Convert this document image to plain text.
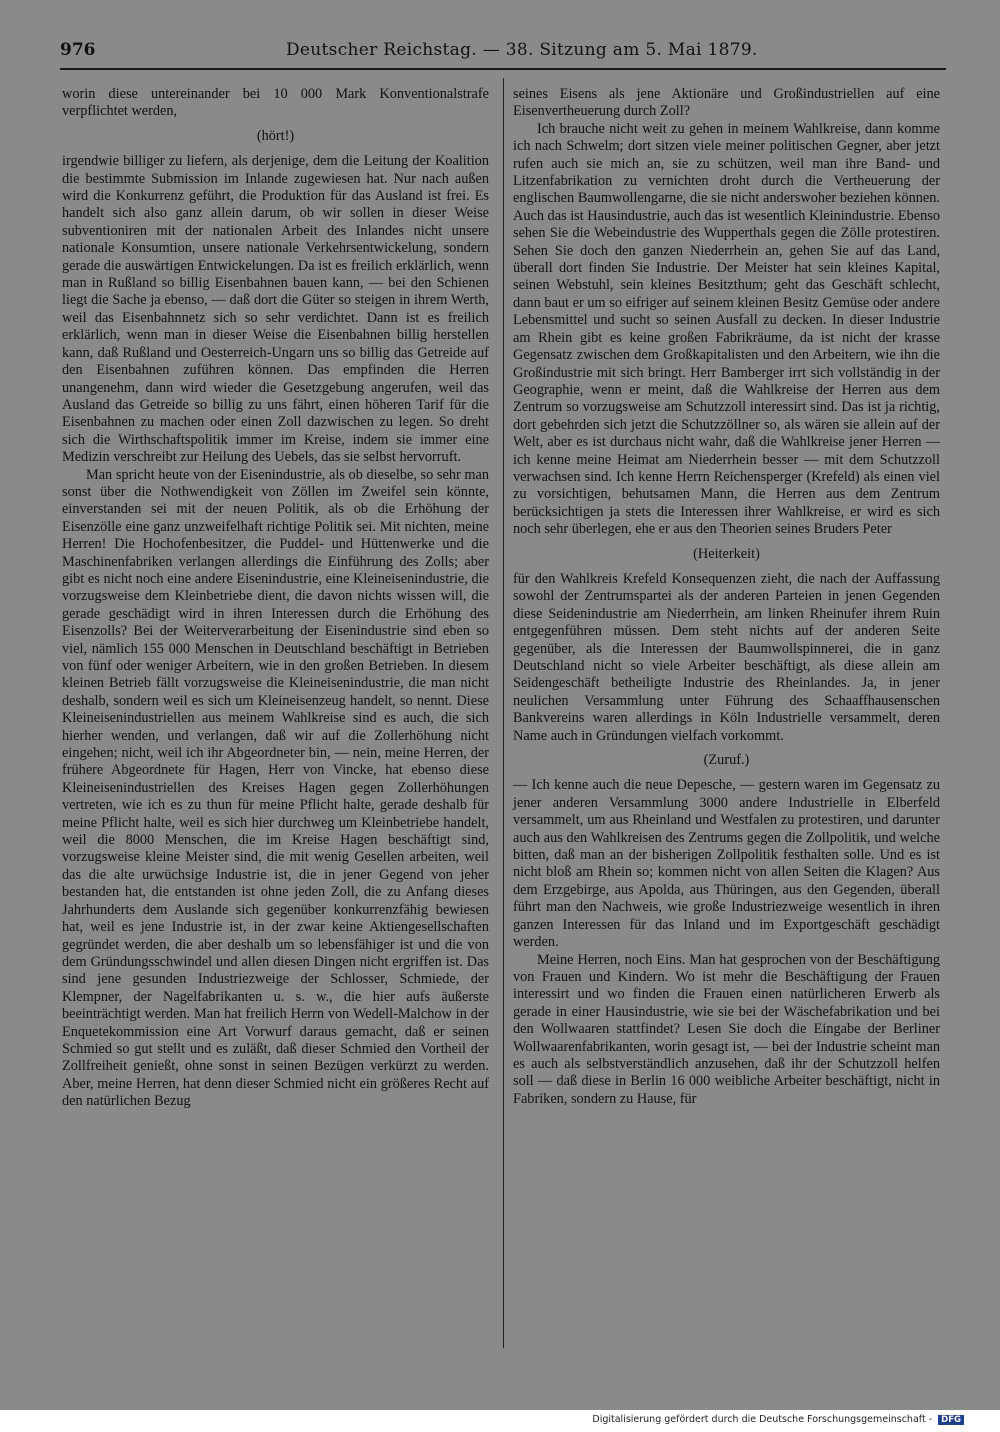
976	Deutscher Reichstag. — 38. Sitzung am 5. Mai 1879.

worin diese untereinander bei 10 000 Mark Konventionalstrafe verpflichtet werden,

(hört!)

irgendwie billiger zu liefern, als derjenige, dem die Leitung der Koalition die bestimmte Submission im Inlande zugewiesen hat. Nur nach außen wird die Konkurrenz geführt, die Produktion für das Ausland ist frei. Es handelt sich also ganz allein darum, ob wir sollen in dieser Weise subventioniren mit der nationalen Arbeit des Inlandes nicht unsere nationale Konsumtion, unsere nationale Verkehrsentwickelung, sondern gerade die auswärtigen Entwickelungen. Da ist es freilich erklärlich, wenn man in Rußland so billig Eisenbahnen bauen kann, — bei den Schienen liegt die Sache ja ebenso, — daß dort die Güter so steigen in ihrem Werth, weil das Eisenbahnnetz sich so sehr verdichtet. Dann ist es freilich erklärlich, wenn man in dieser Weise die Eisenbahnen billig herstellen kann, daß Rußland und Oesterreich-Ungarn uns so billig das Getreide auf den Eisenbahnen zuführen können. Das empfinden die Herren unangenehm, dann wird wieder die Gesetzgebung angerufen, weil das Ausland das Getreide so billig zu uns fährt, einen höheren Tarif für die Eisenbahnen zu machen oder einen Zoll dazwischen zu legen. So dreht sich die Wirthschaftspolitik immer im Kreise, indem sie immer eine Medizin verschreibt zur Heilung des Uebels, das sie selbst hervorruft.

Man spricht heute von der Eisenindustrie, als ob dieselbe, so sehr man sonst über die Nothwendigkeit von Zöllen im Zweifel sein könnte, einverstanden sei mit der neuen Politik, als ob die Erhöhung der Eisenzölle eine ganz unzweifelhaft richtige Politik sei. Mit nichten, meine Herren! Die Hochofenbesitzer, die Puddel- und Hüttenwerke und die Maschinenfabriken verlangen allerdings die Einführung des Zolls; aber gibt es nicht noch eine andere Eisenindustrie, eine Kleineisenindustrie, die vorzugsweise dem Kleinbetriebe dient, die davon nichts wissen will, die gerade geschädigt wird in ihren Interessen durch die Erhöhung des Eisenzolls? Bei der Weiterverarbeitung der Eisenindustrie sind eben so viel, nämlich 155 000 Menschen in Deutschland beschäftigt in Betrieben von fünf oder weniger Arbeitern, wie in den großen Betrieben. In diesem kleinen Betrieb fällt vorzugsweise die Kleineisenindustrie, die man nicht deshalb, sondern weil es sich um Kleineisenzeug handelt, so nennt. Diese Kleineisenindustriellen aus meinem Wahlkreise sind es auch, die sich hierher wenden, und verlangen, daß wir auf die Zollerhöhung nicht eingehen; nicht, weil ich ihr Abgeordneter bin, — nein, meine Herren, der frühere Abgeordnete für Hagen, Herr von Vincke, hat ebenso diese Kleineisenindustriellen des Kreises Hagen gegen Zollerhöhungen vertreten, wie ich es zu thun für meine Pflicht halte, gerade deshalb für meine Pflicht halte, weil es sich hier durchweg um Kleinbetriebe handelt, weil die 8000 Menschen, die im Kreise Hagen beschäftigt sind, vorzugsweise kleine Meister sind, die mit wenig Gesellen arbeiten, weil das die alte urwüchsige Industrie ist, die in jener Gegend von jeher bestanden hat, die entstanden ist ohne jeden Zoll, die zu Anfang dieses Jahrhunderts dem Auslande sich gegenüber konkurrenzfähig bewiesen hat, weil es jene Industrie ist, in der zwar keine Aktiengesellschaften gegründet werden, die aber deshalb um so lebensfähiger ist und die von dem Gründungsschwindel und allen diesen Dingen nicht ergriffen ist. Das sind jene gesunden Industriezweige der Schlosser, Schmiede, der Klempner, der Nagelfabrikanten u. s. w., die hier aufs äußerste beeinträchtigt werden. Man hat freilich Herrn von Wedell-Malchow in der Enquetekommission eine Art Vorwurf daraus gemacht, daß er seinen Schmied so gut stellt und es zuläßt, daß dieser Schmied den Vortheil der Zollfreiheit genießt, ohne sonst in seinen Bezügen verkürzt zu werden. Aber, meine Herren, hat denn dieser Schmied nicht ein größeres Recht auf den natürlichen Bezug

seines Eisens als jene Aktionäre und Großindustriellen auf eine Eisenvertheuerung durch Zoll?

Ich brauche nicht weit zu gehen in meinem Wahlkreise, dann komme ich nach Schwelm; dort sitzen viele meiner politischen Gegner, aber jetzt rufen auch sie mich an, sie zu schützen, weil man ihre Band- und Litzenfabrikation zu vernichten droht durch die Vertheuerung der englischen Baumwollengarne, die sie nicht anderswoher beziehen können. Auch das ist Hausindustrie, auch das ist wesentlich Kleinindustrie. Ebenso sehen Sie die Webeindustrie des Wupperthals gegen die Zölle protestiren. Sehen Sie doch den ganzen Niederrhein an, gehen Sie auf das Land, überall dort finden Sie Industrie. Der Meister hat sein kleines Kapital, seinen Webstuhl, sein kleines Besitzthum; geht das Geschäft schlecht, dann baut er um so eifriger auf seinem kleinen Besitz Gemüse oder andere Lebensmittel und sucht so seinen Ausfall zu decken. In dieser Industrie am Rhein gibt es keine großen Fabrikräume, da ist nicht der krasse Gegensatz zwischen dem Großkapitalisten und den Arbeitern, wie ihn die Großindustrie mit sich bringt. Herr Bamberger irrt sich vollständig in der Geographie, wenn er meint, daß die Wahlkreise der Herren aus dem Zentrum so vorzugsweise am Schutzzoll interessirt sind. Das ist ja richtig, dort gebehrden sich jetzt die Schutzzöllner so, als wären sie allein auf der Welt, aber es ist durchaus nicht wahr, daß die Wahlkreise jener Herren — ich kenne meine Heimat am Niederrhein besser — mit dem Schutzzoll verwachsen sind. Ich kenne Herrn Reichensperger (Krefeld) als einen viel zu vorsichtigen, behutsamen Mann, die Herren aus dem Zentrum berücksichtigen ja stets die Interessen ihrer Wahlkreise, er wird es sich noch sehr überlegen, ehe er aus den Theorien seines Bruders Peter

(Heiterkeit)

für den Wahlkreis Krefeld Konsequenzen zieht, die nach der Auffassung sowohl der Zentrumspartei als der anderen Parteien in jenen Gegenden diese Seidenindustrie am Niederrhein, am linken Rheinufer ihrem Ruin entgegenführen müssen. Dem steht nichts auf der anderen Seite gegenüber, als die Interessen der Baumwollspinnerei, die in ganz Deutschland nicht so viele Arbeiter beschäftigt, als diese allein am Seidengeschäft betheiligte Industrie des Rheinlandes. Ja, in jener neulichen Versammlung unter Führung des Schaaffhausenschen Bankvereins waren allerdings in Köln Industrielle versammelt, deren Name auch in Gründungen vielfach vorkommt.

(Zuruf.)

— Ich kenne auch die neue Depesche, — gestern waren im Gegensatz zu jener anderen Versammlung 3000 andere Industrielle in Elberfeld versammelt, um aus Rheinland und Westfalen zu protestiren, und darunter auch aus den Wahlkreisen des Zentrums gegen die Zollpolitik, und welche bitten, daß man an der bisherigen Zollpolitik festhalten solle. Und es ist nicht bloß am Rhein so; kommen nicht von allen Seiten die Klagen? Aus dem Erzgebirge, aus Apolda, aus Thüringen, aus den Gegenden, überall führt man den Nachweis, wie große Industriezweige wesentlich in ihren ganzen Interessen für das Inland und im Exportgeschäft geschädigt werden.

Meine Herren, noch Eins. Man hat gesprochen von der Beschäftigung von Frauen und Kindern. Wo ist mehr die Beschäftigung der Frauen interessirt und wo finden die Frauen einen natürlicheren Erwerb als gerade in einer Hausindustrie, wie sie bei der Wäschefabrikation und bei den Wollwaaren stattfindet? Lesen Sie doch die Eingabe der Berliner Wollwaarenfabrikanten, worin gesagt ist, — bei der Industrie scheint man es auch als selbstverständlich anzusehen, daß ihr der Schutzzoll helfen soll — daß diese in Berlin 16 000 weibliche Arbeiter beschäftigt, nicht in Fabriken, sondern zu Hause, für

Digitalisierung gefördert durch die Deutsche Forschungsgemeinschaft - DFG
